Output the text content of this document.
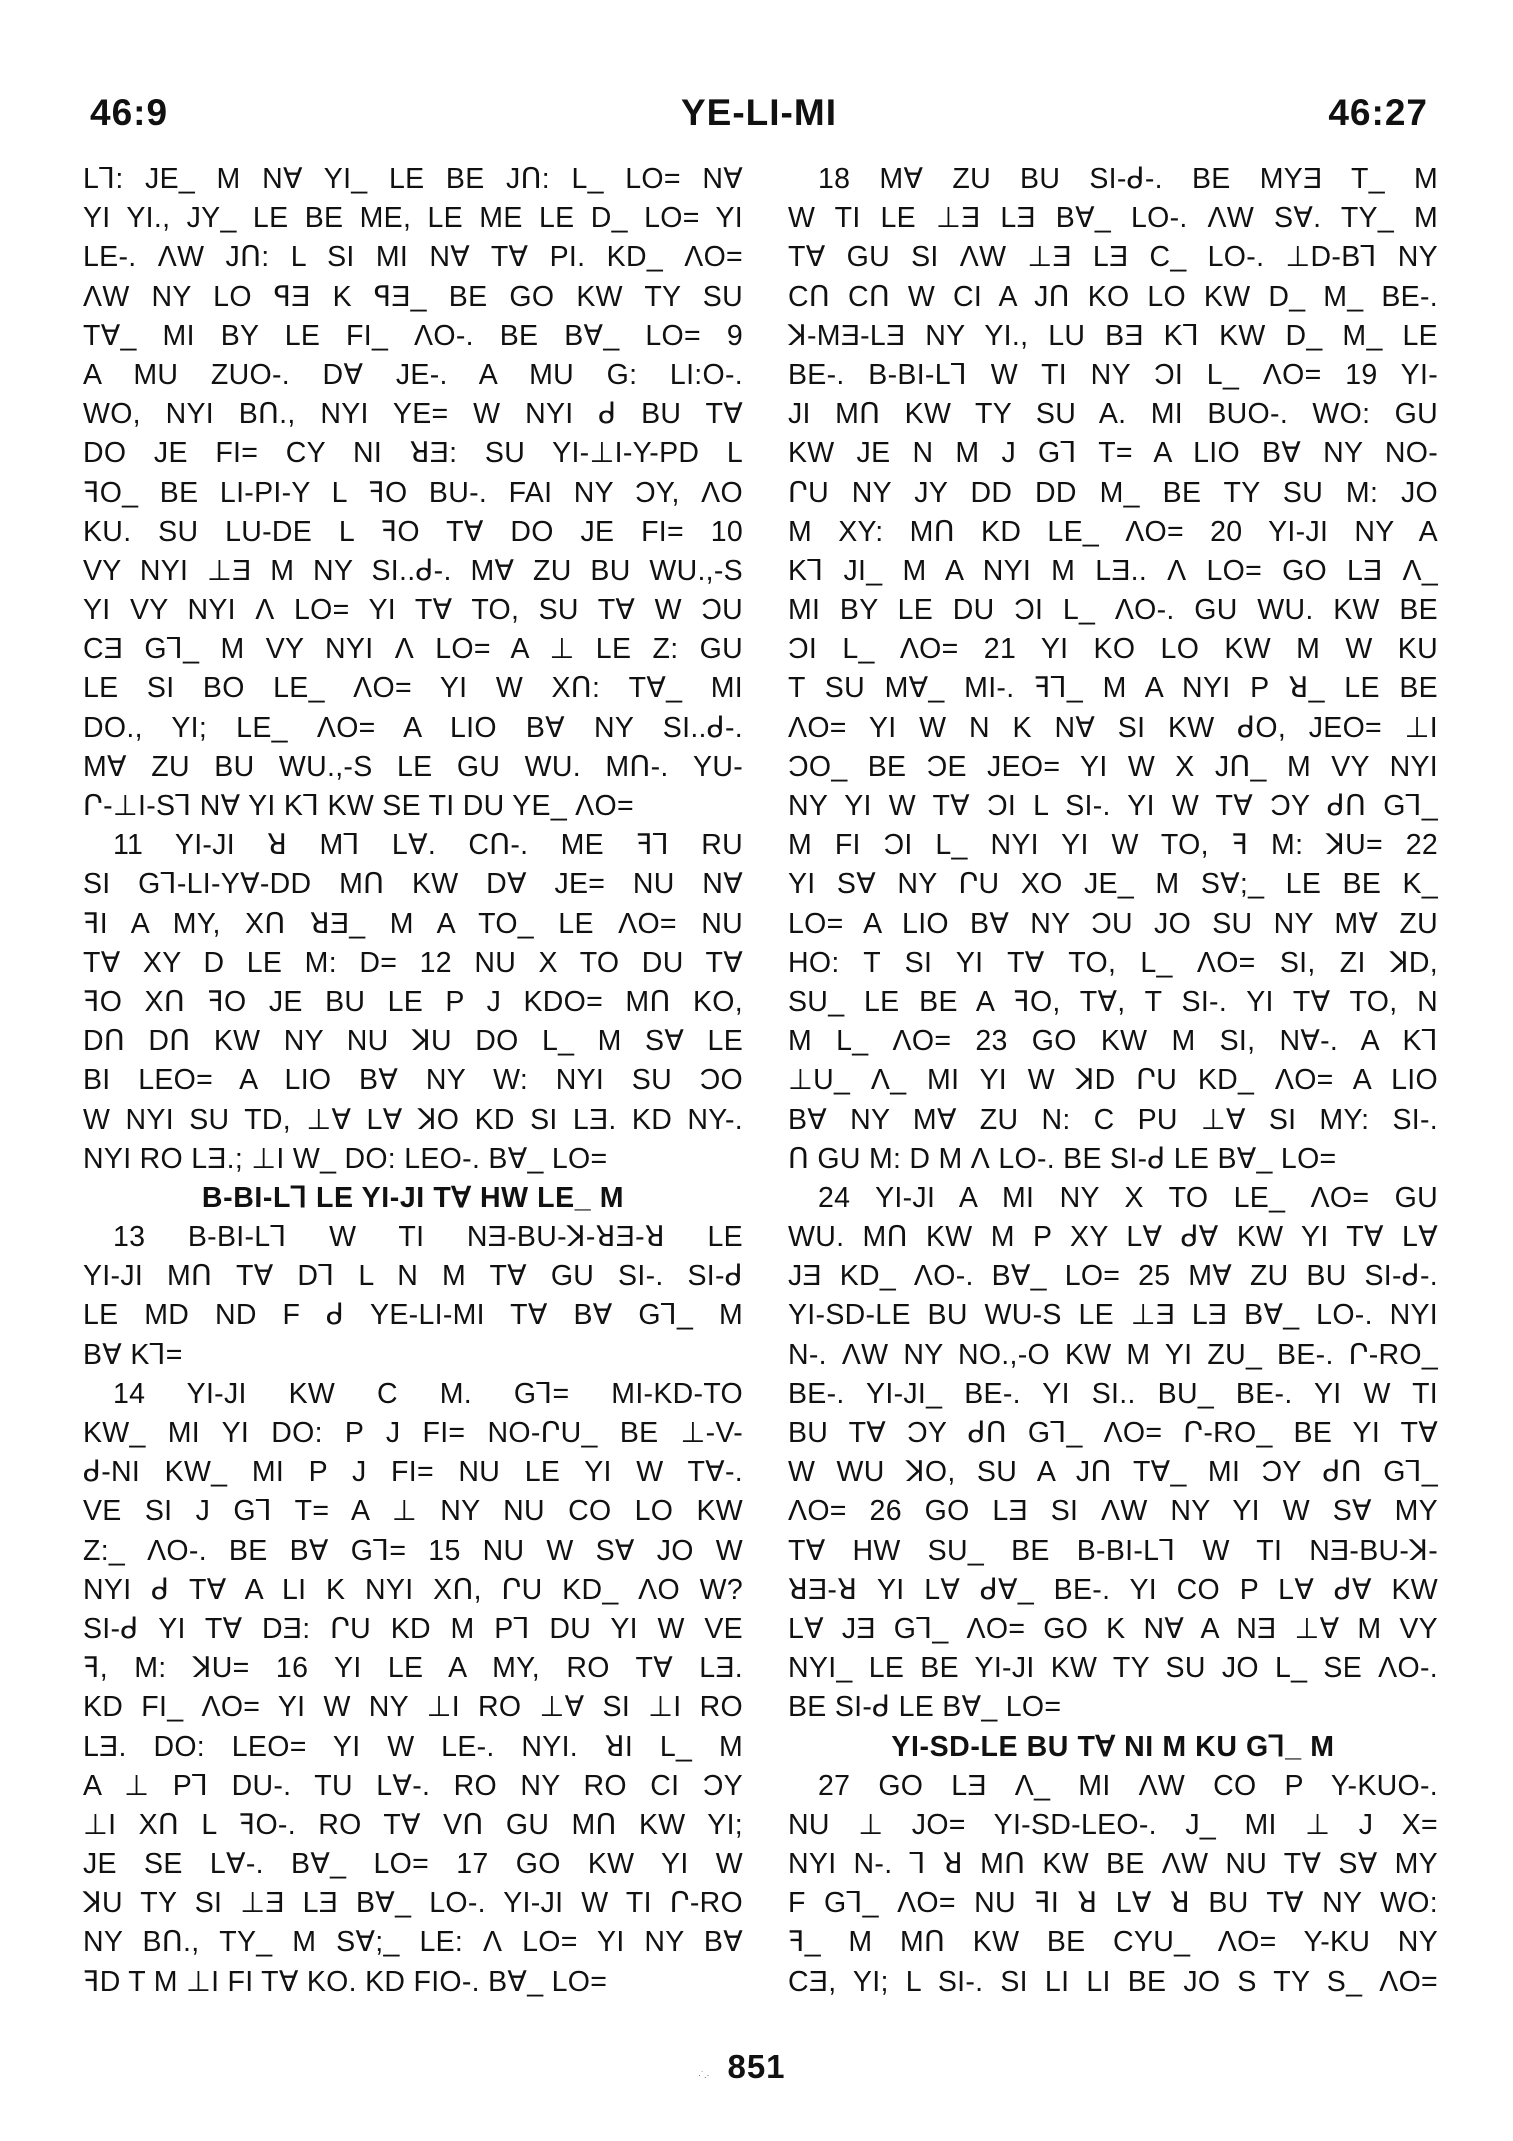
YE-LI-MI
46:9	46:27
L⅂: JE_ M NⱯ YI_ LE BE JՈ: L_ LO= NⱯ
YI YI., JY_ LE BE ME, LE ME LE D_ LO= YI
LE-. ɅW JՈ: L SI MI NⱯ TⱯ PI. KD_ ɅO=
ɅW NY LO ꟼƎ K ꟼƎ_ BE GO KW TY SU
TⱯ_ MI BY LE FI_ ɅO-. BE BⱯ_ LO= 9
A MU ZUO-. DⱯ JE-. A MU G: LI:O-.
WO, NYI BՈ., NYI YE= W NYI ᑯ BU TⱯ
DO JE FI= CY NI ꓤƎ: SU YI-⊥I-Y-PD L
ꟻO_ BE LI-PI-Y L ꟻO BU-. FAI NY ƆY, ɅO
KU. SU LU-DE L ꟻO TⱯ DO JE FI= 10
VY NYI ⊥Ǝ M NY SI..ᑯ-. MⱯ ZU BU WU.,-S
YI VY NYI Ʌ LO= YI TⱯ TO, SU TⱯ W ƆU
CƎ G⅂_ M VY NYI Ʌ LO= A ⊥ LE Z: GU
LE SI BO LE_ ɅO= YI W XՈ: TⱯ_ MI
DO., YI; LE_ ɅO= A LIO BⱯ NY SI..ᑯ-.
MⱯ ZU BU WU.,-S LE GU WU. MՈ-. YU-
Ր-⊥I-S⅂ NⱯ YI K⅂ KW SE TI DU YE_ ɅO=
11 YI-JI ꓤ M⅂ LⱯ. CՈ-. ME ꟻ⅂ RU
SI G⅂-LI-YⱯ-DD MՈ KW DⱯ JE= NU NⱯ
ꟻI A MY, XՈ ꓤƎ_ M A TO_ LE ɅO= NU
TⱯ XY D LE M: D= 12 NU X TO DU TⱯ
ꟻO XՈ ꟻO JE BU LE P J KDO= MՈ KO,
DՈ DՈ KW NY NU ꓘU DO L_ M SⱯ LE
BI LEO= A LIO BⱯ NY W: NYI SU ƆO
W NYI SU TD, ⊥Ɐ LⱯ ꓘO KD SI LƎ. KD NY-.
NYI RO LƎ.; ⊥I W_ DO: LEO-. BⱯ_ LO=
B-BI-L⅂ LE YI-JI TⱯ HW LE_ M
13 B-BI-L⅂ W TI NƎ-BU-ꓘ-ꓤƎ-ꓤ LE
YI-JI MՈ TⱯ D⅂ L N M TⱯ GU SI-. SI-ᑯ
LE MD ND F ᑯ YE-LI-MI TⱯ BⱯ G⅂_ M
BⱯ K⅂=
14 YI-JI KW C M. G⅂= MI-KD-TO
KW_ MI YI DO: P J FI= NO-ՐU_ BE ⊥-V-
ᑯ-NI KW_ MI P J FI= NU LE YI W TⱯ-.
VE SI J G⅂ T= A ⊥ NY NU CO LO KW
Z:_ ɅO-. BE BⱯ G⅂= 15 NU W SⱯ JO W
NYI ᑯ TⱯ A LI K NYI XՈ, ՐU KD_ ɅO W?
SI-ᑯ YI TⱯ DƎ: ՐU KD M P⅂ DU YI W VE
ꟻ, M: ꓘU= 16 YI LE A MY, RO TⱯ LƎ.
KD FI_ ɅO= YI W NY ⊥I RO ⊥Ɐ SI ⊥I RO
LƎ. DO: LEO= YI W LE-. NYI. ꓤI L_ M
A ⊥ P⅂ DU-. TU LⱯ-. RO NY RO CI ƆY
⊥I XՈ L ꟻO-. RO TⱯ VՈ GU MՈ KW YI;
JE SE LⱯ-. BⱯ_ LO= 17 GO KW YI W
ꓘU TY SI ⊥Ǝ LƎ BⱯ_ LO-. YI-JI W TI Ր-RO
NY BՈ., TY_ M SⱯ;_ LE: Ʌ LO= YI NY BⱯ
ꟻD T M ⊥I FI TⱯ KO. KD FIO-. BⱯ_ LO=
18 MⱯ ZU BU SI-ᑯ-. BE MYƎ T_ M
W TI LE ⊥Ǝ LƎ BⱯ_ LO-. ɅW SⱯ. TY_ M
TⱯ GU SI ɅW ⊥Ǝ LƎ C_ LO-. ⊥D-B⅂ NY
CՈ CՈ W CI A JՈ KO LO KW D_ M_ BE-.
ꓘ-MƎ-LƎ NY YI., LU BƎ K⅂ KW D_ M_ LE
BE-. B-BI-L⅂ W TI NY ƆI L_ ɅO= 19 YI-
JI MՈ KW TY SU A. MI BUO-. WO: GU
KW JE N M J G⅂ T= A LIO BⱯ NY NO-
ՐU NY JY DD DD M_ BE TY SU M: JO
M XY: MՈ KD LE_ ɅO= 20 YI-JI NY A
K⅂ JI_ M A NYI M LƎ.. Ʌ LO= GO LƎ Ʌ_
MI BY LE DU ƆI L_ ɅO-. GU WU. KW BE
ƆI L_ ɅO= 21 YI KO LO KW M W KU
T SU MⱯ_ MI-. ꟻ⅂_ M A NYI P ꓤ_ LE BE
ɅO= YI W N K NⱯ SI KW ᑯO, JEO= ⊥I
ƆO_ BE ƆE JEO= YI W X JՈ_ M VY NYI
NY YI W TⱯ ƆI L SI-. YI W TⱯ ƆY ᑯՈ G⅂_
M FI ƆI L_ NYI YI W TO, ꟻ M: ꓘU= 22
YI SⱯ NY ՐU XO JE_ M SⱯ;_ LE BE K_
LO= A LIO BⱯ NY ƆU JO SU NY MⱯ ZU
HO: T SI YI TⱯ TO, L_ ɅO= SI, ZI ꓘD,
SU_ LE BE A ꟻO, TⱯ, T SI-. YI TⱯ TO, N
M L_ ɅO= 23 GO KW M SI, NⱯ-. A K⅂
⊥U_ Ʌ_ MI YI W ꓘD ՐU KD_ ɅO= A LIO
BⱯ NY MⱯ ZU N: C PU ⊥Ɐ SI MY: SI-.
Ո GU M: D M Ʌ LO-. BE SI-ᑯ LE BⱯ_ LO=
24 YI-JI A MI NY X TO LE_ ɅO= GU
WU. MՈ KW M P XY LⱯ ᑯⱯ KW YI TⱯ LⱯ
JƎ KD_ ɅO-. BⱯ_ LO= 25 MⱯ ZU BU SI-ᑯ-.
YI-SD-LE BU WU-S LE ⊥Ǝ LƎ BⱯ_ LO-. NYI
N-. ɅW NY NO.,-O KW M YI ZU_ BE-. Ր-RO_
BE-. YI-JI_ BE-. YI SI.. BU_ BE-. YI W TI
BU TⱯ ƆY ᑯՈ G⅂_ ɅO= Ր-RO_ BE YI TⱯ
W WU ꓘO, SU A JՈ TⱯ_ MI ƆY ᑯՈ G⅂_
ɅO= 26 GO LƎ SI ɅW NY YI W SⱯ MY
TⱯ HW SU_ BE B-BI-L⅂ W TI NƎ-BU-ꓘ-
ꓤƎ-ꓤ YI LⱯ ᑯⱯ_ BE-. YI CO P LⱯ ᑯⱯ KW
LⱯ JƎ G⅂_ ɅO= GO K NⱯ A NƎ ⊥Ɐ M VY
NYI_ LE BE YI-JI KW TY SU JO L_ SE ɅO-.
BE SI-ᑯ LE BⱯ_ LO=
YI-SD-LE BU TⱯ NI M KU G⅂_ M
27 GO LƎ Ʌ_ MI ɅW CO P Y-KUO-.
NU ⊥ JO= YI-SD-LEO-. J_ MI ⊥ J X=
NYI N-. ⅂ ꓤ MՈ KW BE ɅW NU TⱯ SⱯ MY
F G⅂_ ɅO= NU ꟻI ꓤ LⱯ ꓤ BU TⱯ NY WO:
ꟻ_ M MՈ KW BE CYU_ ɅO= Y-KU NY
CƎ, YI; L SI-. SI LI LI BE JO S TY S_ ɅO=
851
·˙.·
